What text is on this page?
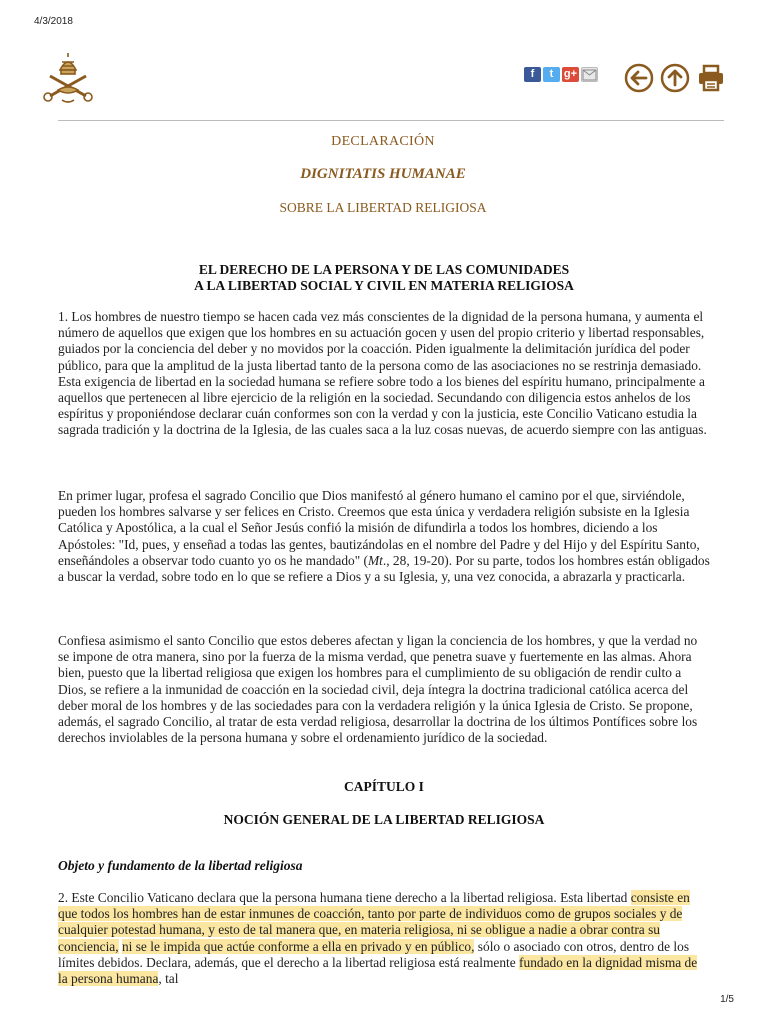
4/3/2018
f	t g+
DECLARACIÓN
DIGNITATIS HUMANAE
SOBRE LA LIBERTAD RELIGIOSA
EL DERECHO DE LA PERSONA Y DE LAS COMUNIDADES
A LA LIBERTAD SOCIAL Y CIVIL EN MATERIA RELIGIOSA

1. Los hombres de nuestro tiempo se hacen cada vez más conscientes de la dignidad de la persona humana, y aumenta el número de aquellos que exigen que los hombres en su actuación gocen y usen del propio criterio y libertad responsables, guiados por la conciencia del deber y no movidos por la coacción. Piden igualmente la delimitación jurídica del poder público, para que la amplitud de la justa libertad tanto de la persona como de las asociaciones no se restrinja demasiado. Esta exigencia de libertad en la sociedad humana se refiere sobre todo a los bienes del espíritu humano, principalmente a aquellos que pertenecen al libre ejercicio de la religión en la sociedad. Secundando con diligencia estos anhelos de los espíritus y proponiéndose declarar cuán conformes son con la verdad y con la justicia, este Concilio Vaticano estudia la sagrada tradición y la doctrina de la Iglesia, de las cuales saca a la luz cosas nuevas, de acuerdo siempre con las antiguas.

En primer lugar, profesa el sagrado Concilio que Dios manifestó al género humano el camino por el que, sirviéndole, pueden los hombres salvarse y ser felices en Cristo. Creemos que esta única y verdadera religión subsiste en la Iglesia Católica y Apostólica, a la cual el Señor Jesús confió la misión de difundirla a todos los hombres, diciendo a los Apóstoles: "Id, pues, y enseñad a todas las gentes, bautizándolas en el nombre del Padre y del Hijo y del Espíritu Santo, enseñándoles a observar todo cuanto yo os he mandado" (Mt., 28, 19-20). Por su parte, todos los hombres están obligados a buscar la verdad, sobre todo en lo que se refiere a Dios y a su Iglesia, y, una vez conocida, a abrazarla y practicarla.

Confiesa asimismo el santo Concilio que estos deberes afectan y ligan la conciencia de los hombres, y que la verdad no se impone de otra manera, sino por la fuerza de la misma verdad, que penetra suave y fuertemente en las almas. Ahora bien, puesto que la libertad religiosa que exigen los hombres para el cumplimiento de su obligación de rendir culto a Dios, se refiere a la inmunidad de coacción en la sociedad civil, deja íntegra la doctrina tradicional católica acerca del deber moral de los hombres y de las sociedades para con la verdadera religión y la única Iglesia de Cristo. Se propone, además, el sagrado Concilio, al tratar de esta verdad religiosa, desarrollar la doctrina de los últimos Pontífices sobre los derechos inviolables de la persona humana y sobre el ordenamiento jurídico de la sociedad.

CAPÍTULO I
NOCIÓN GENERAL DE LA LIBERTAD RELIGIOSA
Objeto y fundamento de la libertad religiosa

2. Este Concilio Vaticano declara que la persona humana tiene derecho a la libertad religiosa. Esta libertad consiste en que todos los hombres han de estar inmunes de coacción, tanto por parte de individuos como de grupos sociales y de cualquier potestad humana, y esto de tal manera que, en materia religiosa, ni se obligue a nadie a obrar contra su conciencia, ni se le impida que actúe conforme a ella en privado y en público, sólo o asociado con otros, dentro de los límites debidos. Declara, además, que el derecho a la libertad religiosa está realmente fundado en la dignidad misma de la persona humana, tal

1/5
